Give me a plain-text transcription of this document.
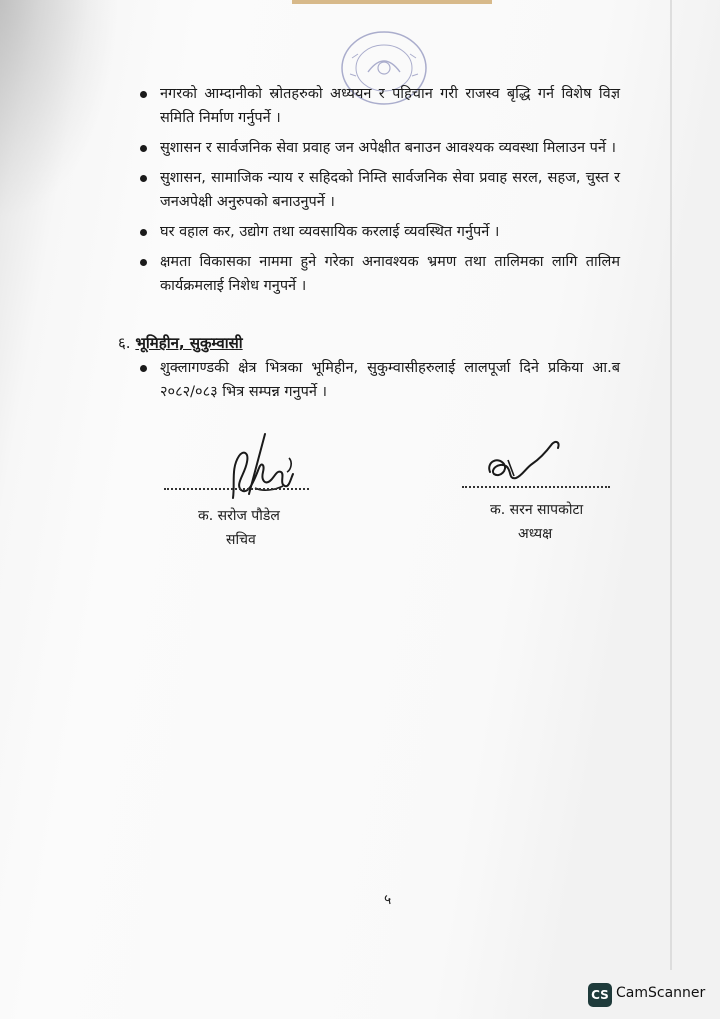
नगरको आम्दानीको स्रोतहरुको अध्ययन र पहिचान गरी राजस्व बृद्धि गर्न विशेष विज्ञ समिति निर्माण गर्नुपर्ने ।
सुशासन र सार्वजनिक सेवा प्रवाह जन अपेक्षीत बनाउन आवश्यक व्यवस्था मिलाउन पर्ने ।
सुशासन, सामाजिक न्याय र सहिदको निम्ति सार्वजनिक सेवा प्रवाह सरल, सहज, चुस्त र जनअपेक्षी अनुरुपको बनाउनुपर्ने ।
घर वहाल कर, उद्योग तथा व्यवसायिक करलाई व्यवस्थित गर्नुपर्ने ।
क्षमता विकासका नाममा हुने गरेका अनावश्यक भ्रमण तथा तालिमका लागि तालिम कार्यक्रमलाई निशेध गनुपर्ने ।
६. भूमिहीन, सुकुम्वासी
शुक्लागण्डकी क्षेत्र भित्रका भूमिहीन, सुकुम्वासीहरुलाई लालपूर्जा दिने प्रकिया आ.ब २०८२/०८३ भित्र सम्पन्न गनुपर्ने ।
क. सरोज पौडेल
सचिव
क. सरन सापकोटा
अध्यक्ष
५
CS CamScanner
